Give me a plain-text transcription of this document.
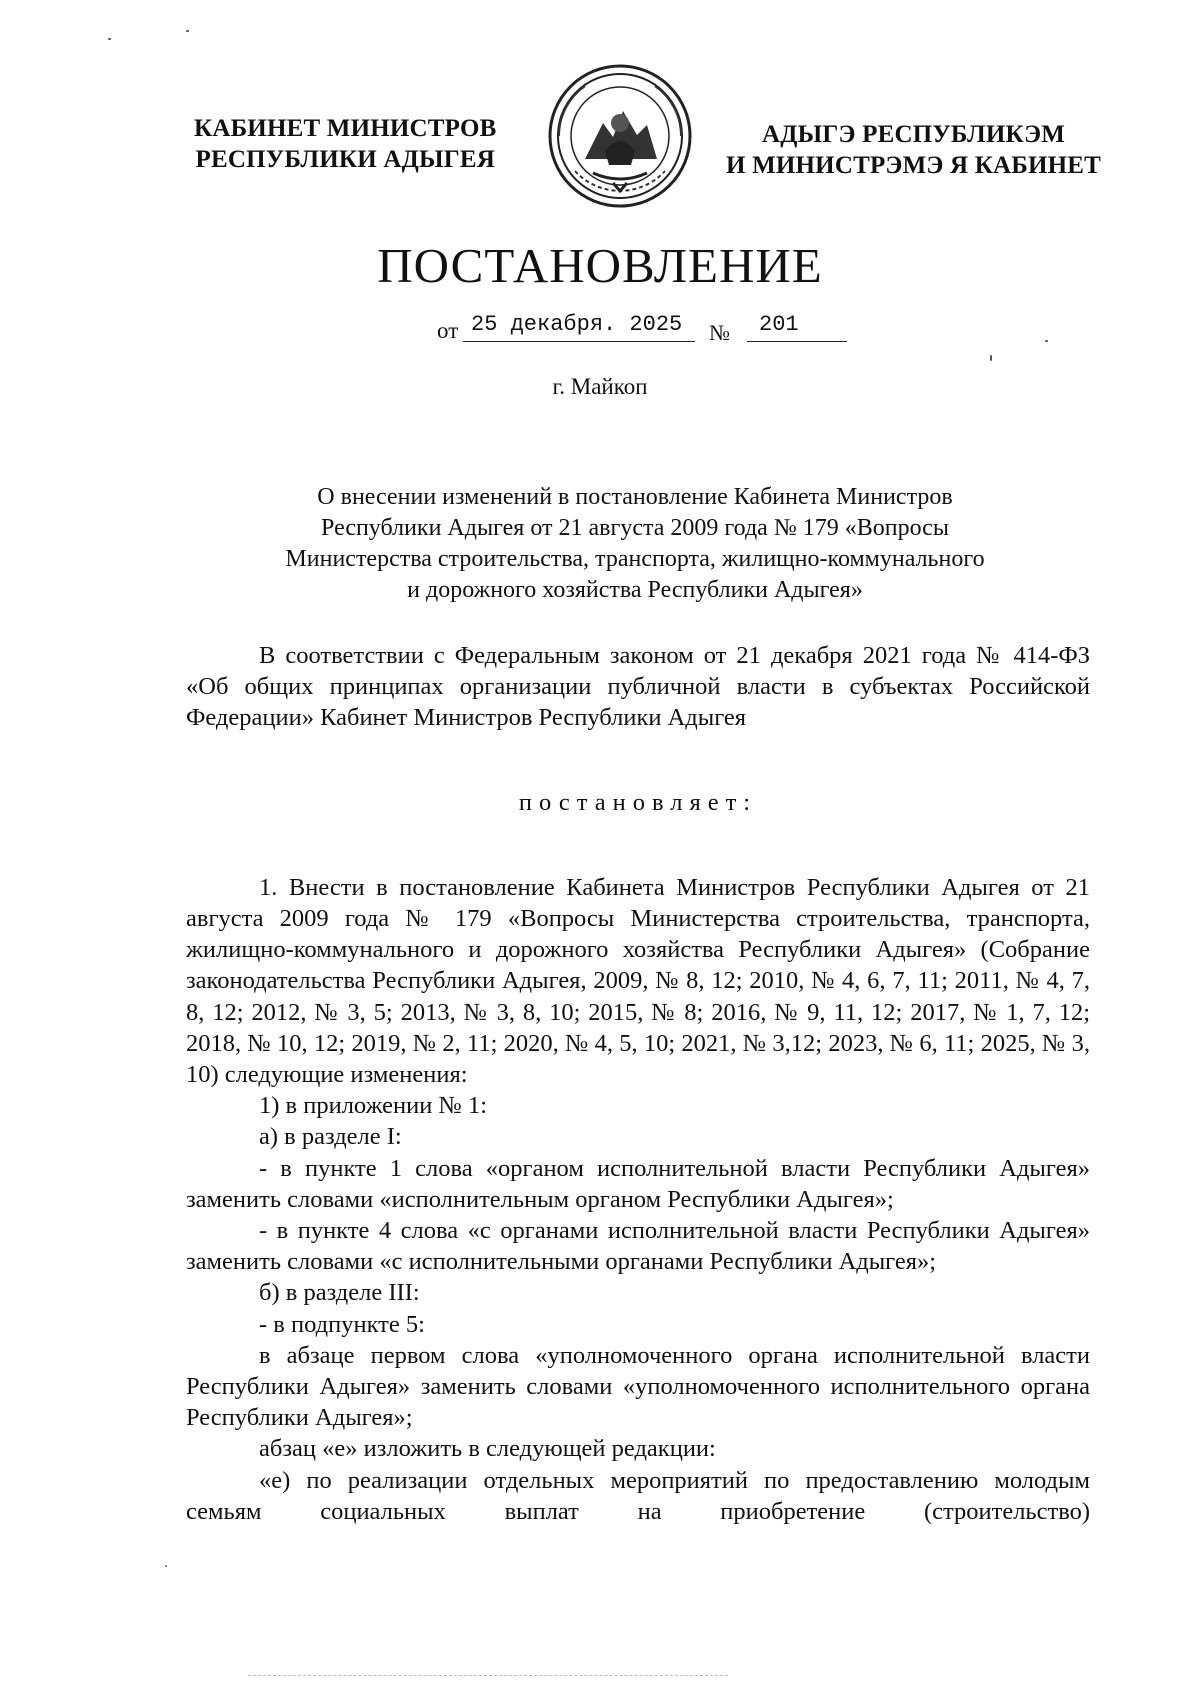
КАБИНЕТ МИНИСТРОВ
РЕСПУБЛИКИ АДЫГЕЯ
АДЫГЭ РЕСПУБЛИКЭМ
И МИНИСТРЭМЭ Я КАБИНЕТ
ПОСТАНОВЛЕНИЕ
от 25 декабря. 2025	№	201
г. Майкоп
О внесении изменений в постановление Кабинета Министров
Республики Адыгея от 21 августа 2009 года № 179 «Вопросы
Министерства строительства, транспорта, жилищно-коммунального
и дорожного хозяйства Республики Адыгея»

В соответствии с Федеральным законом от 21 декабря 2021 года № 414-ФЗ «Об общих принципах организации публичной власти в субъектах Российской Федерации» Кабинет Министров Республики Адыгея

постановляет:

1. Внести в постановление Кабинета Министров Республики Адыгея от 21 августа 2009 года № 179 «Вопросы Министерства строительства, транспорта, жилищно-коммунального и дорожного хозяйства Республики Адыгея» (Собрание законодательства Республики Адыгея, 2009, № 8, 12; 2010, № 4, 6, 7, 11; 2011, № 4, 7, 8, 12; 2012, № 3, 5; 2013, № 3, 8, 10; 2015, № 8; 2016, № 9, 11, 12; 2017, № 1, 7, 12; 2018, № 10, 12; 2019, № 2, 11; 2020, № 4, 5, 10; 2021, № 3,12; 2023, № 6, 11; 2025, № 3, 10) следующие изменения:

1) в приложении № 1:

а) в разделе I:

- в пункте 1 слова «органом исполнительной власти Республики Адыгея» заменить словами «исполнительным органом Республики Адыгея»;

- в пункте 4 слова «с органами исполнительной власти Республики Адыгея» заменить словами «с исполнительными органами Республики Адыгея»;

б) в разделе III:

- в подпункте 5:

в абзаце первом слова «уполномоченного органа исполнительной власти Республики Адыгея» заменить словами «уполномоченного исполнительного органа Республики Адыгея»;

абзац «е» изложить в следующей редакции:

«е) по реализации отдельных мероприятий по предоставлению молодым семьям социальных выплат на приобретение (строительство)
